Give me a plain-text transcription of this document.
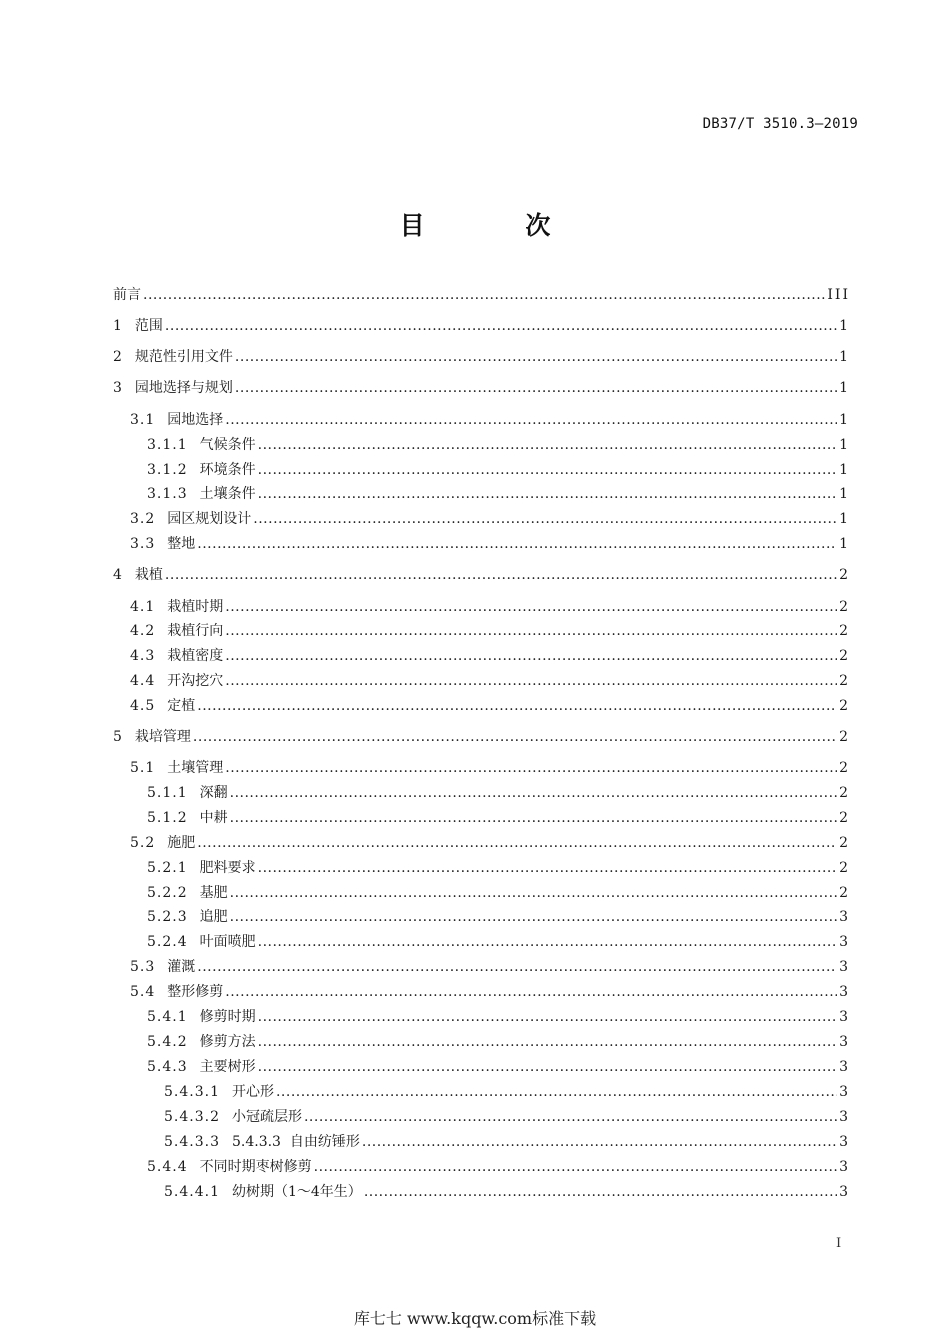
DB37/T 3510.3—2019
目 次
前言 .....	III
1 范围 .....	1
2 规范性引用文件 .....	1
3 园地选择与规划 .....	1
3.1 园地选择 .....	1
3.1.1 气候条件 .....	1
3.1.2 环境条件 .....	1
3.1.3 土壤条件 .....	1
3.2 园区规划设计 .....	1
3.3 整地 .....	1
4 栽植 .....	2
4.1 栽植时期 .....	2
4.2 栽植行向 .....	2
4.3 栽植密度 .....	2
4.4 开沟挖穴 .....	2
4.5 定植 .....	2
5 栽培管理 .....	2
5.1 土壤管理 .....	2
5.1.1 深翻 .....	2
5.1.2 中耕 .....	2
5.2 施肥 .....	2
5.2.1 肥料要求 .....	2
5.2.2 基肥 .....	2
5.2.3 追肥 .....	3
5.2.4 叶面喷肥 .....	3
5.3 灌溉 .....	3
5.4 整形修剪 .....	3
5.4.1 修剪时期 .....	3
5.4.2 修剪方法 .....	3
5.4.3 主要树形 .....	3
5.4.3.1 开心形 .....	3
5.4.3.2 小冠疏层形 .....	3
5.4.3.3 5.4.3.3  自由纺锤形 .....	3
5.4.4 不同时期枣树修剪 .....	3
5.4.4.1 幼树期（1～4年生） .....	3
I
库七七 www.kqqw.com标准下载
